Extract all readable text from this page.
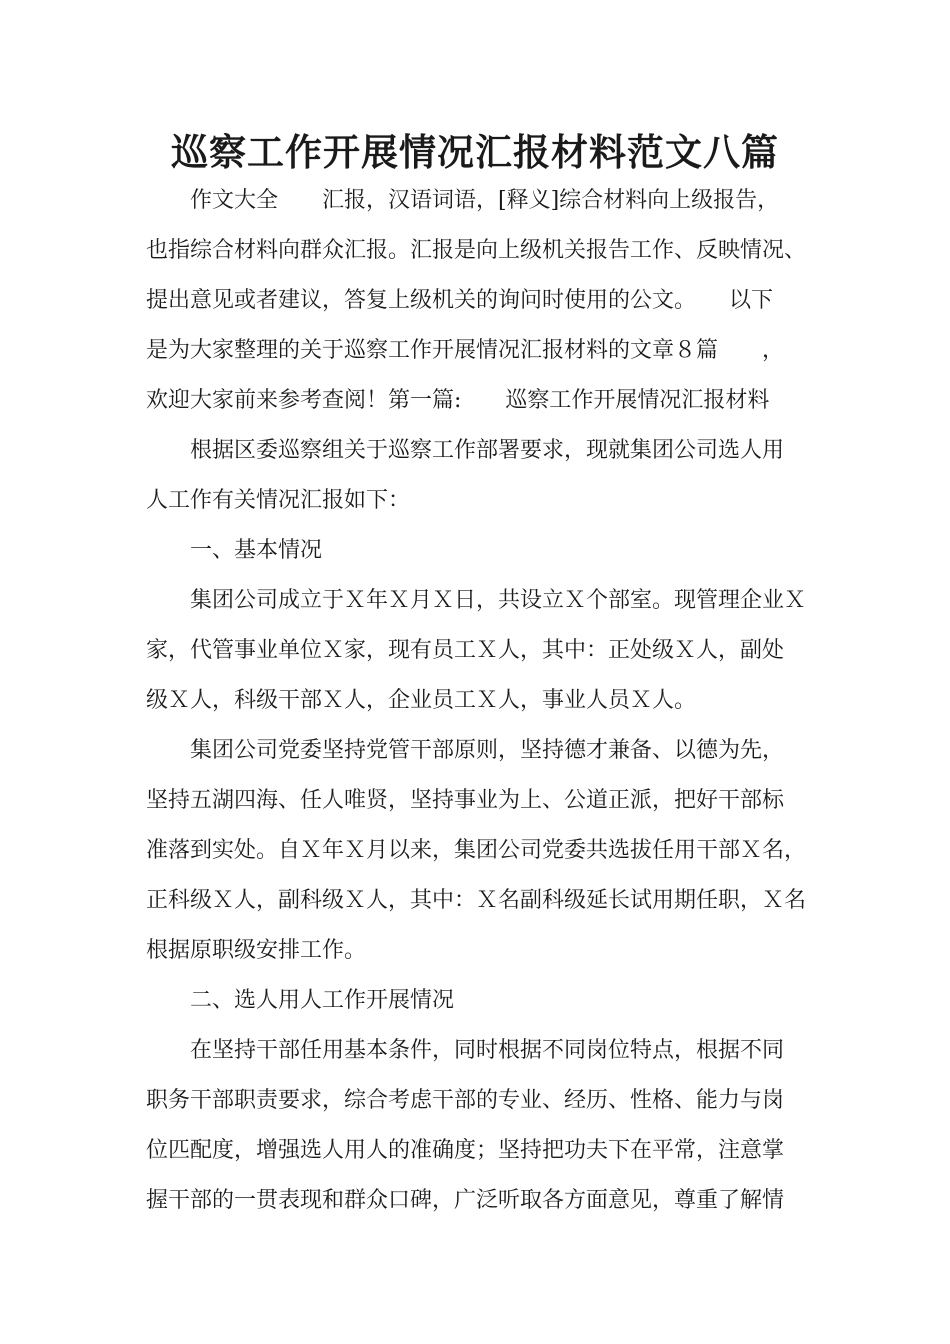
巡察工作开展情况汇报材料范文八篇

作文大全　　汇报，汉语词语，[释义]综合材料向上级报告，

也指综合材料向群众汇报。汇报是向上级机关报告工作、反映情况、

提出意见或者建议，答复上级机关的询问时使用的公文。　　以下

是为大家整理的关于巡察工作开展情况汇报材料的文章８篇　　，

欢迎大家前来参考查阅！第一篇:　　巡察工作开展情况汇报材料

根据区委巡察组关于巡察工作部署要求，现就集团公司选人用

人工作有关情况汇报如下：

一、基本情况

集团公司成立于Ｘ年Ｘ月Ｘ日，共设立Ｘ个部室。现管理企业Ｘ

家，代管事业单位Ｘ家，现有员工Ｘ人，其中：正处级Ｘ人，副处

级Ｘ人，科级干部Ｘ人，企业员工Ｘ人，事业人员Ｘ人。

集团公司党委坚持党管干部原则，坚持德才兼备、以德为先，

坚持五湖四海、任人唯贤，坚持事业为上、公道正派，把好干部标

准落到实处。自Ｘ年Ｘ月以来，集团公司党委共选拔任用干部Ｘ名，

正科级Ｘ人，副科级Ｘ人，其中：Ｘ名副科级延长试用期任职，Ｘ名

根据原职级安排工作。

二、选人用人工作开展情况

在坚持干部任用基本条件，同时根据不同岗位特点，根据不同

职务干部职责要求，综合考虑干部的专业、经历、性格、能力与岗

位匹配度，增强选人用人的准确度；坚持把功夫下在平常，注意掌

握干部的一贯表现和群众口碑，广泛听取各方面意见，尊重了解情
